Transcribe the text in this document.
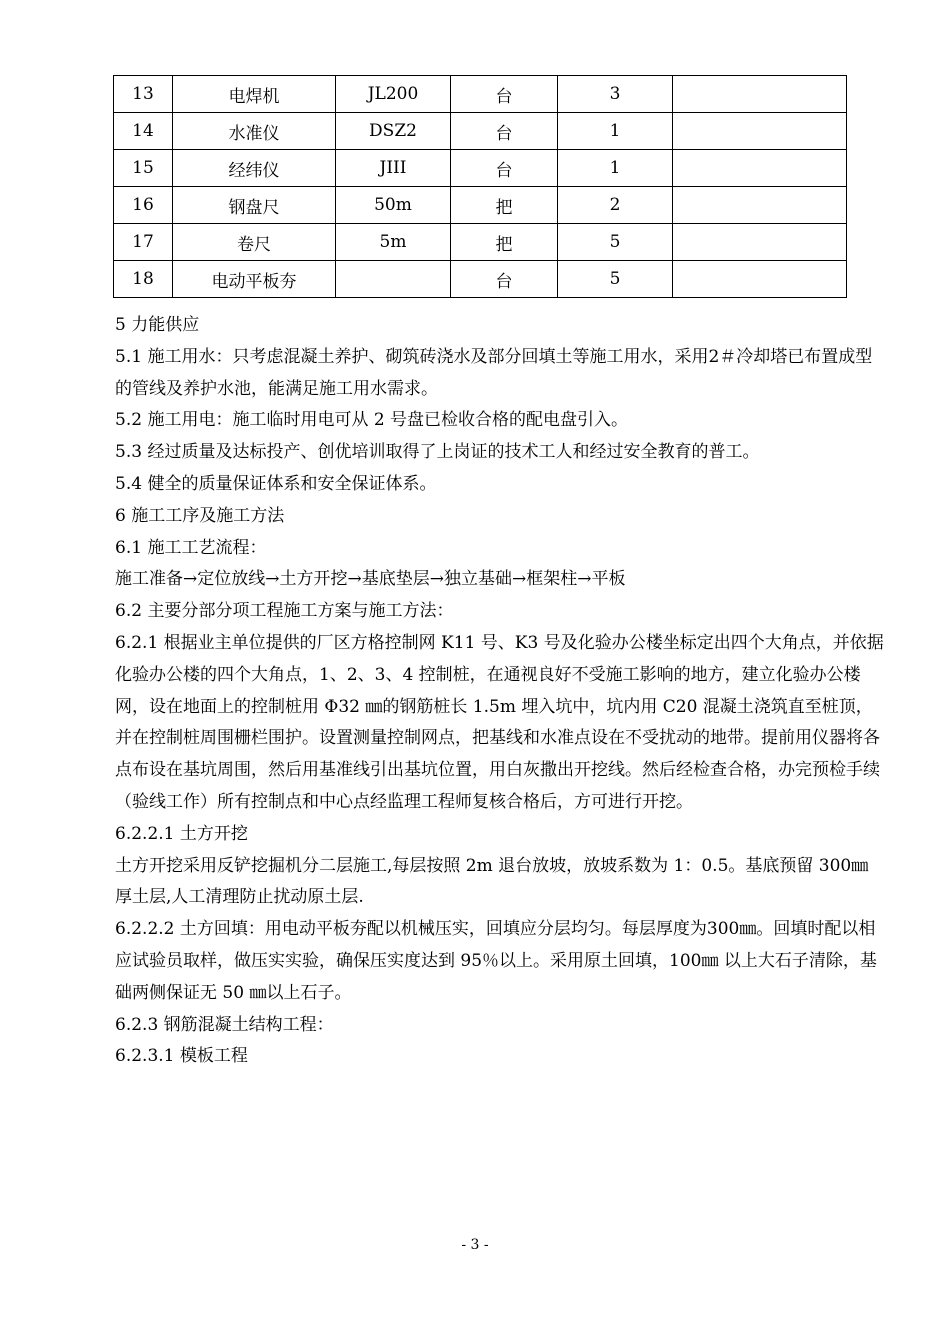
13	电焊机	JL200	台	3	
14	水准仪	DSZ2	台	1	
15	经纬仪	JIII	台	1	
16	钢盘尺	50m	把	2	
17	卷尺	5m	把	5	
18	电动平板夯		台	5	

5 力能供应

5.1 施工用水：只考虑混凝土养护、砌筑砖浇水及部分回填土等施工用水，采用2＃冷却塔已布置成型的管线及养护水池，能满足施工用水需求。

5.2 施工用电：施工临时用电可从 2 号盘已检收合格的配电盘引入。

5.3 经过质量及达标投产、创优培训取得了上岗证的技术工人和经过安全教育的普工。

5.4 健全的质量保证体系和安全保证体系。

6 施工工序及施工方法

6.1 施工工艺流程：

施工准备→定位放线→土方开挖→基底垫层→独立基础→框架柱→平板

6.2 主要分部分项工程施工方案与施工方法：

6.2.1 根据业主单位提供的厂区方格控制网 K11 号、K3 号及化验办公楼坐标定出四个大角点，并依据化验办公楼的四个大角点，1、2、3、4 控制桩，在通视良好不受施工影响的地方，建立化验办公楼网，设在地面上的控制桩用 Φ32 ㎜的钢筋桩长 1.5m 埋入坑中，坑内用 C20 混凝土浇筑直至桩顶，并在控制桩周围栅栏围护。设置测量控制网点，把基线和水准点设在不受扰动的地带。提前用仪器将各点布设在基坑周围，然后用基准线引出基坑位置，用白灰撒出开挖线。然后经检查合格，办完预检手续（验线工作）所有控制点和中心点经监理工程师复核合格后，方可进行开挖。

6.2.2.1 土方开挖

土方开挖采用反铲挖掘机分二层施工,每层按照 2m 退台放坡，放坡系数为 1：0.5。基底预留 300㎜ 厚土层,人工清理防止扰动原土层.

6.2.2.2 土方回填：用电动平板夯配以机械压实，回填应分层均匀。每层厚度为300㎜。回填时配以相应试验员取样，做压实实验，确保压实度达到 95％以上。采用原土回填，100㎜ 以上大石子清除，基础两侧保证无 50 ㎜以上石子。

6.2.3 钢筋混凝土结构工程：

6.2.3.1 模板工程

- 3 -
